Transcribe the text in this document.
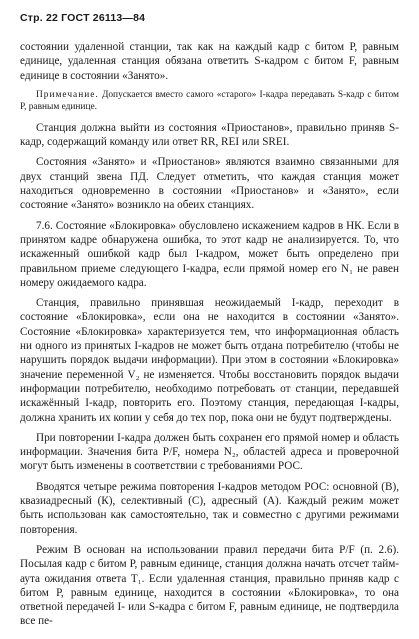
Стр. 22 ГОСТ 26113—84

состоянии удаленной станции, так как на каждый кадр с битом Р, равным единице, удаленная станция обязана ответить S-кадром с битом F, равным единице в состоянии «Занято».

Примечание. Допускается вместо самого «старого» I-кадра передавать S-кадр с битом Р, равным единице.

Станция должна выйти из состояния «Приостанов», правильно приняв S-кадр, содержащий команду или ответ RR, REI или SREI.

Состояния «Занято» и «Приостанов» являются взаимно связанными для двух станций звена ПД. Следует отметить, что каждая станция может находиться одновременно в состоянии «Приостанов» и «Занято», если состояние «Занято» возникло на обеих станциях.

7.6. Состояние «Блокировка» обусловлено искажением кадров в НК. Если в принятом кадре обнаружена ошибка, то этот кадр не анализируется. То, что искаженный ошибкой кадр был I-кадром, может быть определено при правильном приеме следующего I-кадра, если прямой номер его N₁ не равен номеру ожидаемого кадра.

Станция, правильно принявшая неожидаемый I-кадр, переходит в состояние «Блокировка», если она не находится в состоянии «Занято». Состояние «Блокировка» характеризуется тем, что информационная область ни одного из принятых I-кадров не может быть отдана потребителю (чтобы не нарушить порядок выдачи информации). При этом в состоянии «Блокировка» значение переменной V₂ не изменяется. Чтобы восстановить порядок выдачи информации потребителю, необходимо потребовать от станции, передавшей искажённый I-кадр, повторить его. Поэтому станция, передающая I-кадры, должна хранить их копии у себя до тех пор, пока они не будут подтверждены.

При повторении I-кадра должен быть сохранен его прямой номер и область информации. Значения бита P/F, номера N₂, областей адреса и проверочной могут быть изменены в соответствии с требованиями РОС.

Вводятся четыре режима повторения I-кадров методом РОС: основной (В), квазиадресный (К), селективный (С), адресный (А). Каждый режим может быть использован как самостоятельно, так и совместно с другими режимами повторения.

Режим В основан на использовании правил передачи бита P/F (п. 2.6). Посылая кадр с битом Р, равным единице, станция должна начать отсчет тайм-аута ожидания ответа Т₁. Если удаленная станция, правильно приняв кадр с битом Р, равным единице, находится в состоянии «Блокировка», то она ответной передачей I- или S-кадра с битом F, равным единице, не подтвердила все пе-
